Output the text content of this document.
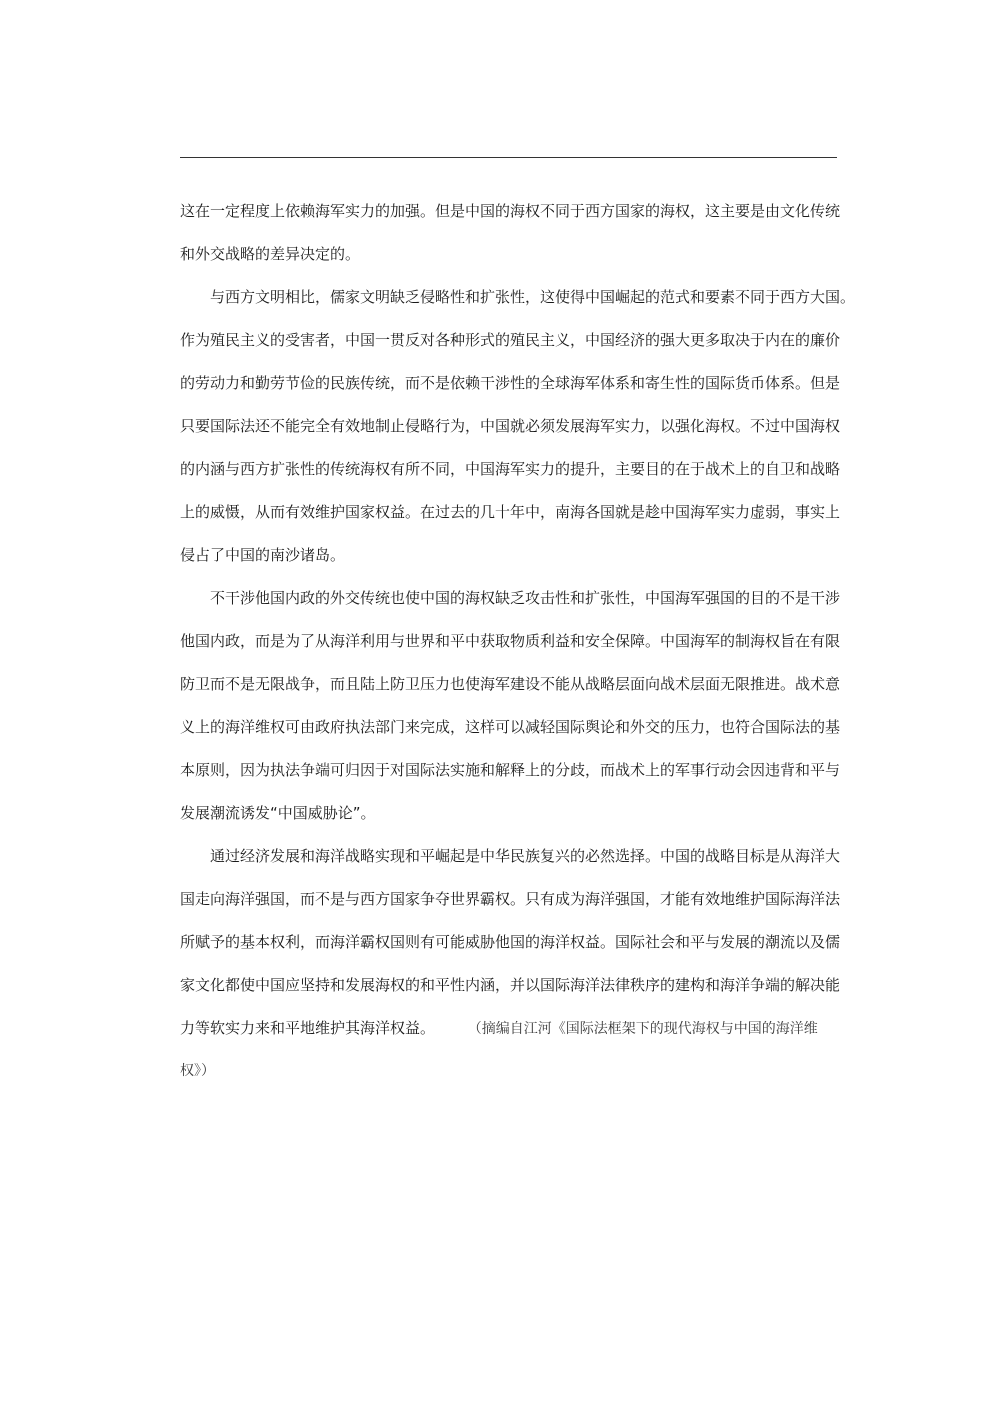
这在一定程度上依赖海军实力的加强。但是中国的海权不同于西方国家的海权，这主要是由文化传统
和外交战略的差异决定的。
与西方文明相比，儒家文明缺乏侵略性和扩张性，这使得中国崛起的范式和要素不同于西方大国。
作为殖民主义的受害者，中国一贯反对各种形式的殖民主义，中国经济的强大更多取决于内在的廉价
的劳动力和勤劳节俭的民族传统，而不是依赖干涉性的全球海军体系和寄生性的国际货币体系。但是
只要国际法还不能完全有效地制止侵略行为，中国就必须发展海军实力，以强化海权。不过中国海权
的内涵与西方扩张性的传统海权有所不同，中国海军实力的提升，主要目的在于战术上的自卫和战略
上的威慑，从而有效维护国家权益。在过去的几十年中，南海各国就是趁中国海军实力虚弱，事实上
侵占了中国的南沙诸岛。
不干涉他国内政的外交传统也使中国的海权缺乏攻击性和扩张性，中国海军强国的目的不是干涉
他国内政，而是为了从海洋利用与世界和平中获取物质利益和安全保障。中国海军的制海权旨在有限
防卫而不是无限战争，而且陆上防卫压力也使海军建设不能从战略层面向战术层面无限推进。战术意
义上的海洋维权可由政府执法部门来完成，这样可以减轻国际舆论和外交的压力，也符合国际法的基
本原则，因为执法争端可归因于对国际法实施和解释上的分歧，而战术上的军事行动会因违背和平与
发展潮流诱发“中国威胁论”。
通过经济发展和海洋战略实现和平崛起是中华民族复兴的必然选择。中国的战略目标是从海洋大
国走向海洋强国，而不是与西方国家争夺世界霸权。只有成为海洋强国，才能有效地维护国际海洋法
所赋予的基本权利，而海洋霸权国则有可能威胁他国的海洋权益。国际社会和平与发展的潮流以及儒
家文化都使中国应坚持和发展海权的和平性内涵，并以国际海洋法律秩序的建构和海洋争端的解决能
力等软实力来和平地维护其海洋权益。 （摘编自江河《国际法框架下的现代海权与中国的海洋维
权》）
